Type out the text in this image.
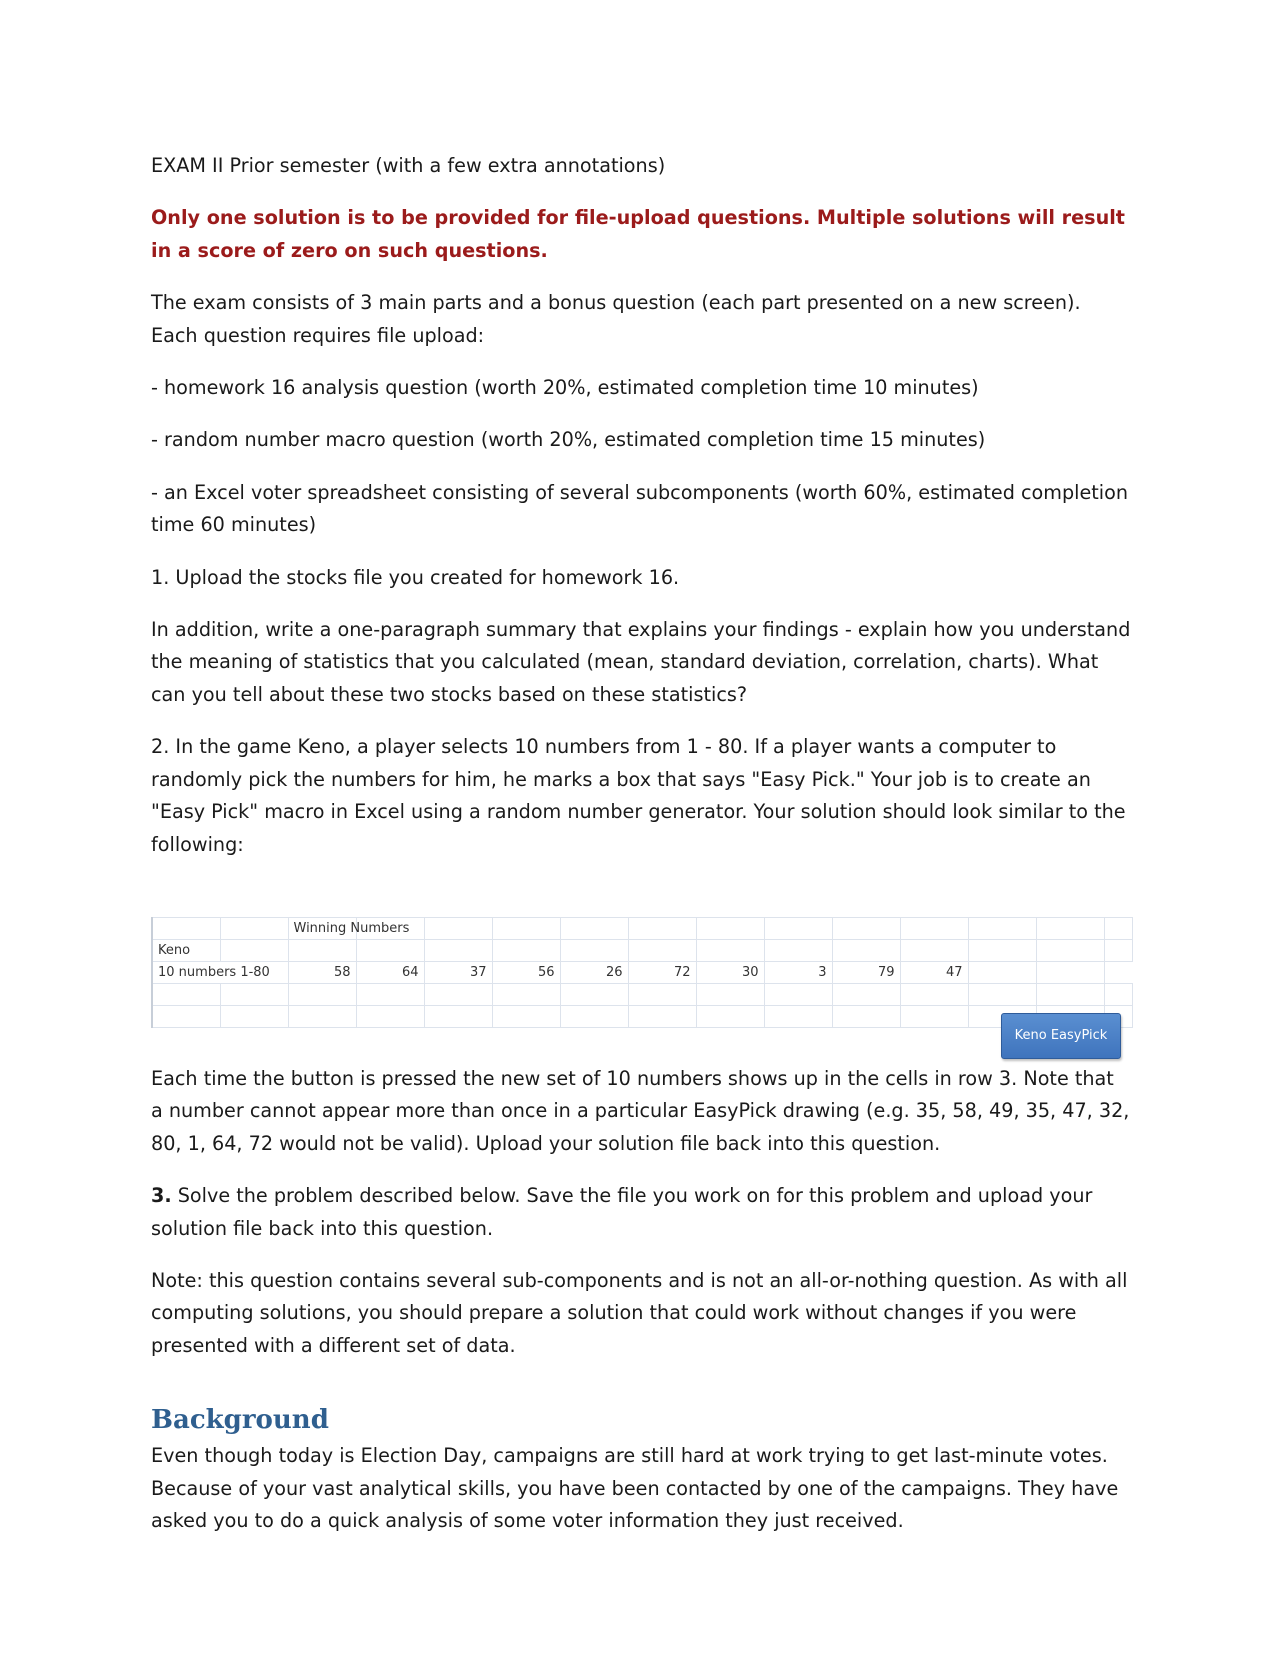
EXAM II Prior semester (with a few extra annotations)

Only one solution is to be provided for file-upload questions. Multiple solutions will result in a score of zero on such questions.

The exam consists of 3 main parts and a bonus question (each part presented on a new screen). Each question requires file upload:

- homework 16 analysis question (worth 20%, estimated completion time 10 minutes)

- random number macro question (worth 20%, estimated completion time 15 minutes)

- an Excel voter spreadsheet consisting of several subcomponents (worth 60%, estimated completion time 60 minutes)

1. Upload the stocks file you created for homework 16.

In addition, write a one-paragraph summary that explains your findings - explain how you understand the meaning of statistics that you calculated (mean, standard deviation, correlation, charts). What can you tell about these two stocks based on these statistics?

2. In the game Keno, a player selects 10 numbers from 1 - 80. If a player wants a computer to randomly pick the numbers for him, he marks a box that says "Easy Pick." Your job is to create an "Easy Pick" macro in Excel using a random number generator. Your solution should look similar to the following:

		Winning Numbers												
Keno														
10 numbers 1-80		58	64	37	56	26	72	30	3	79	47			

Keno EasyPick

Each time the button is pressed the new set of 10 numbers shows up in the cells in row 3. Note that a number cannot appear more than once in a particular EasyPick drawing (e.g. 35, 58, 49, 35, 47, 32, 80, 1, 64, 72 would not be valid). Upload your solution file back into this question.

3. Solve the problem described below. Save the file you work on for this problem and upload your solution file back into this question.

Note: this question contains several sub-components and is not an all-or-nothing question. As with all computing solutions, you should prepare a solution that could work without changes if you were presented with a different set of data.

Background

Even though today is Election Day, campaigns are still hard at work trying to get last-minute votes. Because of your vast analytical skills, you have been contacted by one of the campaigns. They have asked you to do a quick analysis of some voter information they just received.
